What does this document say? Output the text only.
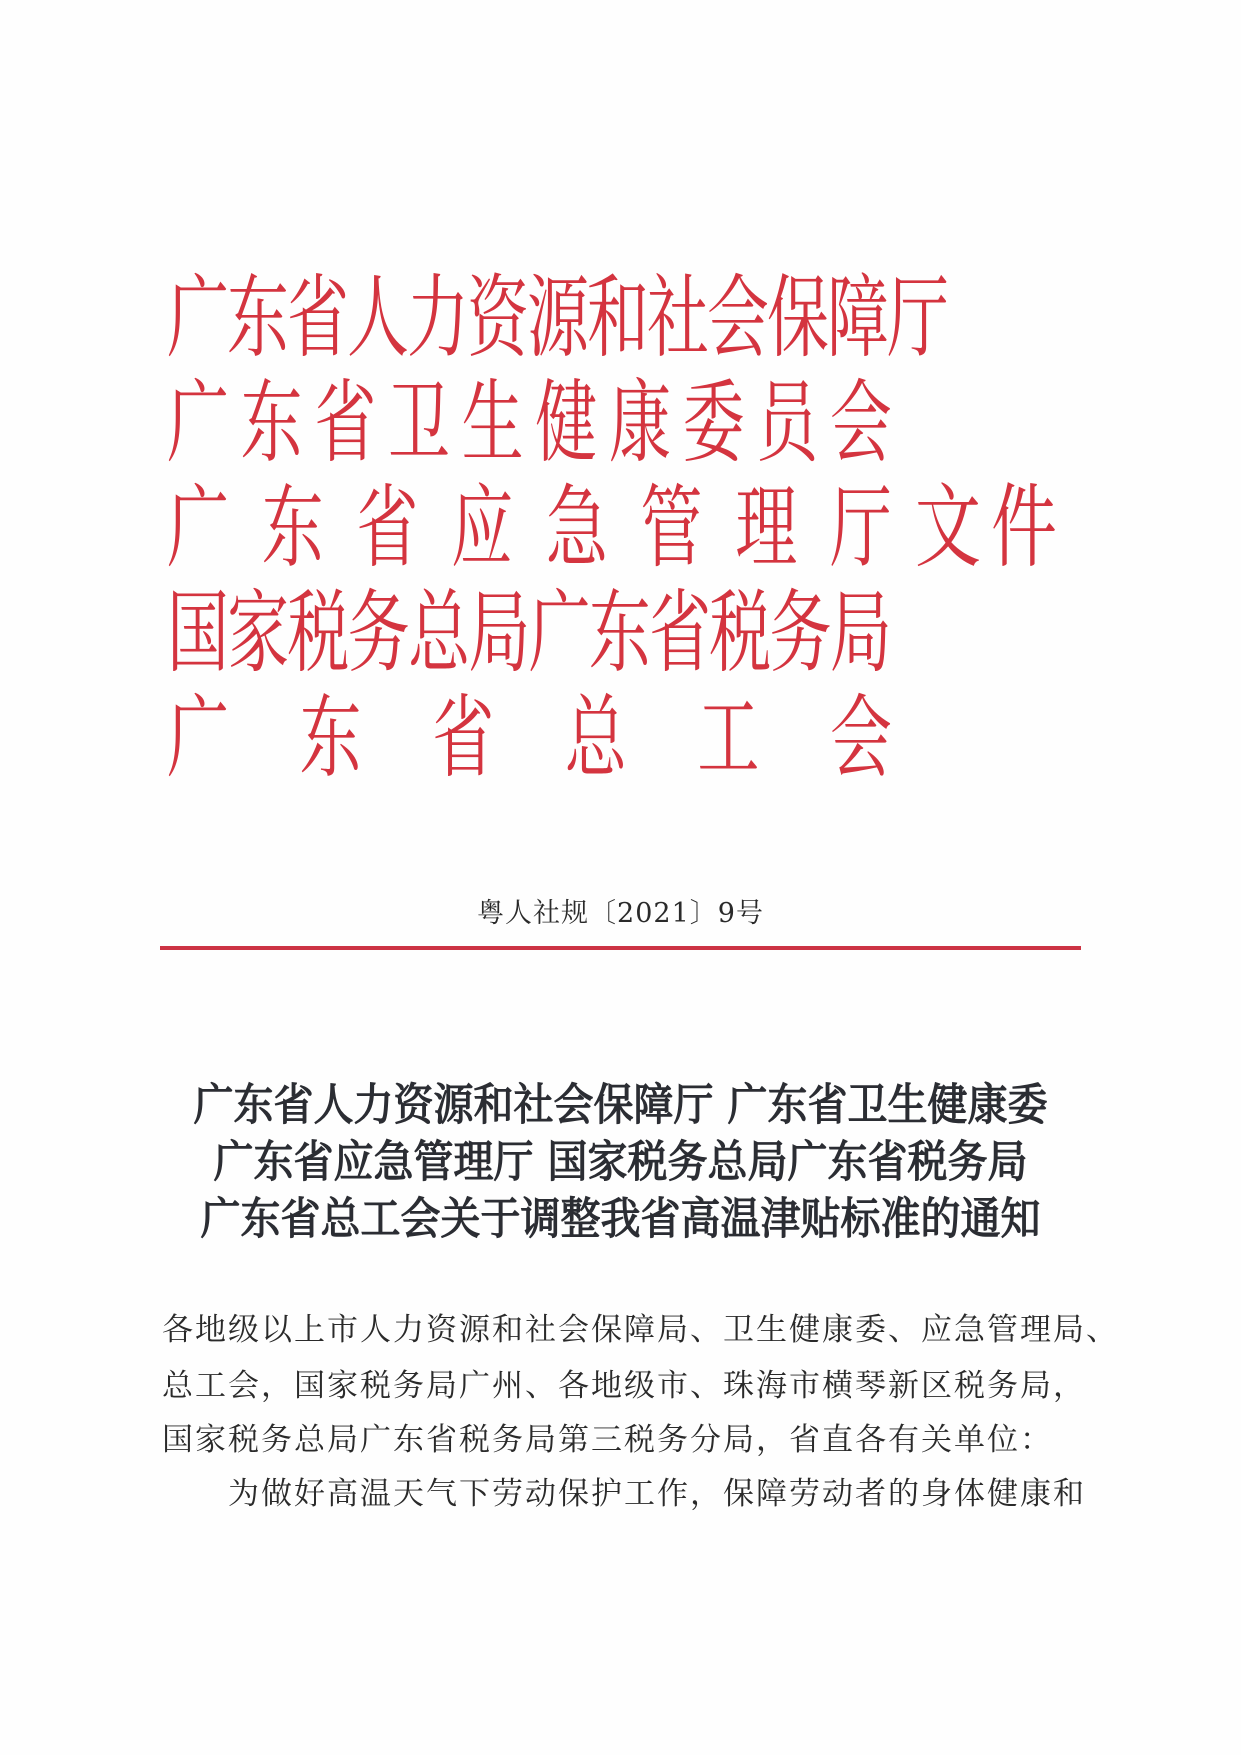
广
东
省
人
力
资
源
和
社
会
保
障
厅
广 东 省 卫 生 健 康 委 员 会
广 东 省 应 急 管 理 厅 文 件
国
家
税
务
总
局
广
东
省
税
务
局
广 东 省 总 工 会
粤人社规〔2021〕9号
广东省人力资源和社会保障厅 广东省卫生健康委
广东省应急管理厅 国家税务总局广东省税务局
广东省总工会关于调整我省高温津贴标准的通知
各地级以上市人力资源和社会保障局、卫生健康委、应急管理局、
总工会，国家税务局广州、各地级市、珠海市横琴新区税务局，
国家税务总局广东省税务局第三税务分局，省直各有关单位：
为做好高温天气下劳动保护工作，保障劳动者的身体健康和
